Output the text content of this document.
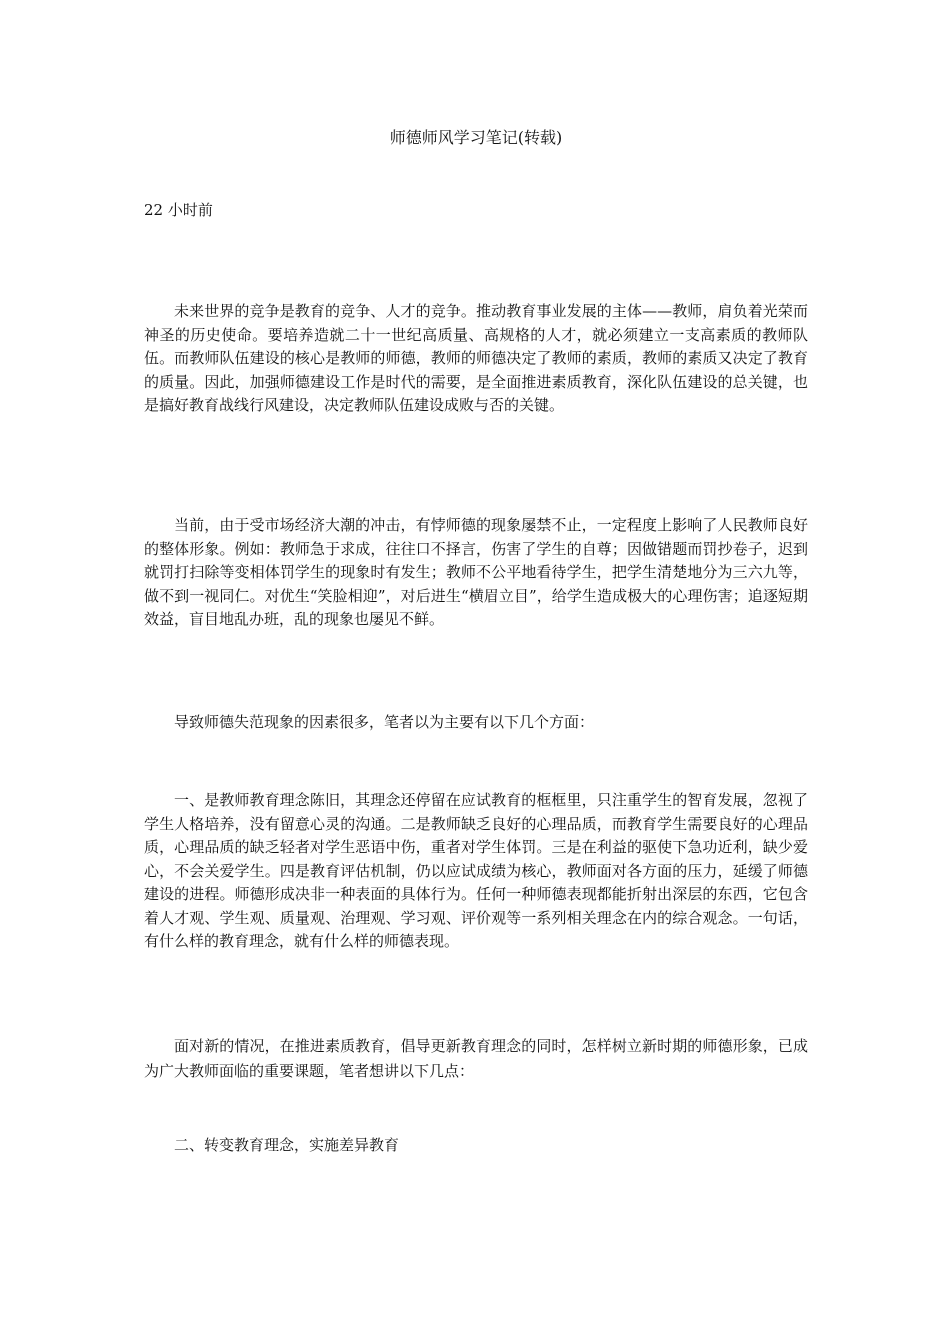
师德师风学习笔记(转载)
22 小时前

未来世界的竞争是教育的竞争、人才的竞争。推动教育事业发展的主体——教师，肩负着光荣而神圣的历史使命。要培养造就二十一世纪高质量、高规格的人才，就必须建立一支高素质的教师队伍。而教师队伍建设的核心是教师的师德，教师的师德决定了教师的素质，教师的素质又决定了教育的质量。因此，加强师德建设工作是时代的需要，是全面推进素质教育，深化队伍建设的总关键，也是搞好教育战线行风建设，决定教师队伍建设成败与否的关键。

当前，由于受市场经济大潮的冲击，有悖师德的现象屡禁不止，一定程度上影响了人民教师良好的整体形象。例如：教师急于求成，往往口不择言，伤害了学生的自尊；因做错题而罚抄卷子，迟到就罚打扫除等变相体罚学生的现象时有发生；教师不公平地看待学生，把学生清楚地分为三六九等，做不到一视同仁。对优生“笑脸相迎”，对后进生“横眉立目”，给学生造成极大的心理伤害；追逐短期效益，盲目地乱办班，乱的现象也屡见不鲜。

导致师德失范现象的因素很多，笔者以为主要有以下几个方面：

一、是教师教育理念陈旧，其理念还停留在应试教育的框框里，只注重学生的智育发展，忽视了学生人格培养，没有留意心灵的沟通。二是教师缺乏良好的心理品质，而教育学生需要良好的心理品质，心理品质的缺乏轻者对学生恶语中伤，重者对学生体罚。三是在利益的驱使下急功近利，缺少爱心，不会关爱学生。四是教育评估机制，仍以应试成绩为核心，教师面对各方面的压力，延缓了师德建设的进程。师德形成决非一种表面的具体行为。任何一种师德表现都能折射出深层的东西，它包含着人才观、学生观、质量观、治理观、学习观、评价观等一系列相关理念在内的综合观念。一句话，有什么样的教育理念，就有什么样的师德表现。

面对新的情况，在推进素质教育，倡导更新教育理念的同时，怎样树立新时期的师德形象，已成为广大教师面临的重要课题，笔者想讲以下几点：

二、转变教育理念，实施差异教育
